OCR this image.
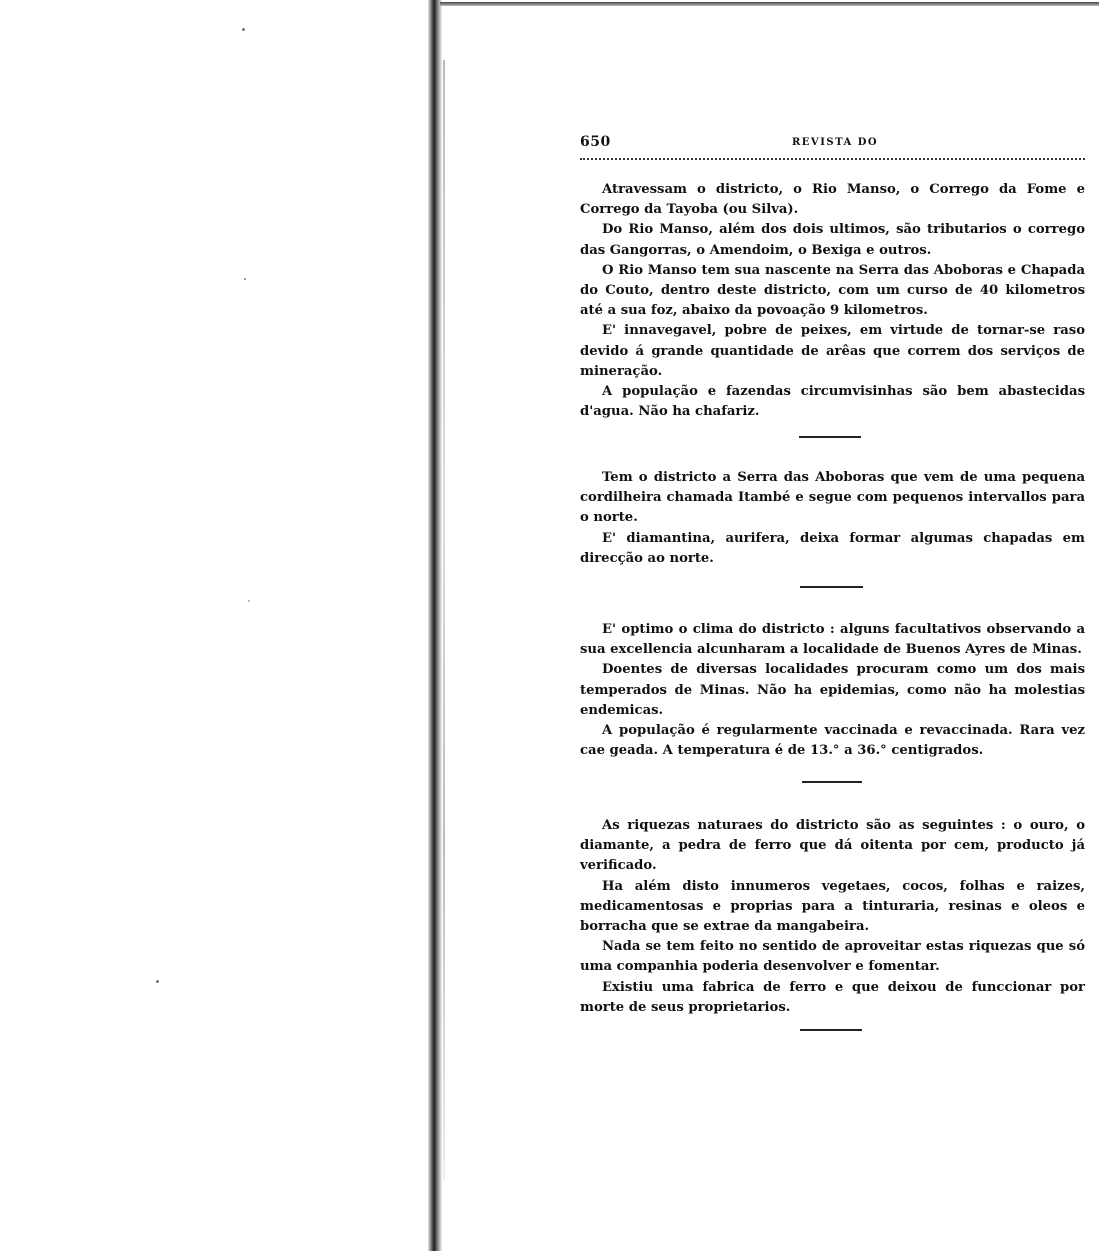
650	REVISTA DO

Atravessam o districto, o Rio Manso, o Corrego da Fome e Corrego da Tayoba (ou Silva).

Do Rio Manso, além dos dois ultimos, são tributarios o corrego das Gangorras, o Amendoim, o Bexiga e outros.

O Rio Manso tem sua nascente na Serra das Aboboras e Chapada do Couto, dentro deste districto, com um curso de 40 kilometros até a sua foz, abaixo da povoação 9 kilometros.

E' innavegavel, pobre de peixes, em virtude de tornar-se raso devido á grande quantidade de arêas que correm dos serviços de mineração.

A população e fazendas circumvisinhas são bem abastecidas d'agua. Não ha chafariz.

Tem o districto a Serra das Aboboras que vem de uma pequena cordilheira chamada Itambé e segue com pequenos intervallos para o norte.

E' diamantina, aurifera, deixa formar algumas chapadas em direcção ao norte.

E' optimo o clima do districto : alguns facultativos observando a sua excellencia alcunharam a localidade de Buenos Ayres de Minas.

Doentes de diversas localidades procuram como um dos mais temperados de Minas. Não ha epidemias, como não ha molestias endemicas.

A população é regularmente vaccinada e revaccinada. Rara vez cae geada. A temperatura é de 13.° a 36.° centigrados.

As riquezas naturaes do districto são as seguintes : o ouro, o diamante, a pedra de ferro que dá oitenta por cem, producto já verificado.

Ha além disto innumeros vegetaes, cocos, folhas e raizes, medicamentosas e proprias para a tinturaria, resinas e oleos e borracha que se extrae da mangabeira.

Nada se tem feito no sentido de aproveitar estas riquezas que só uma companhia poderia desenvolver e fomentar.

Existiu uma fabrica de ferro e que deixou de funccionar por morte de seus proprietarios.
